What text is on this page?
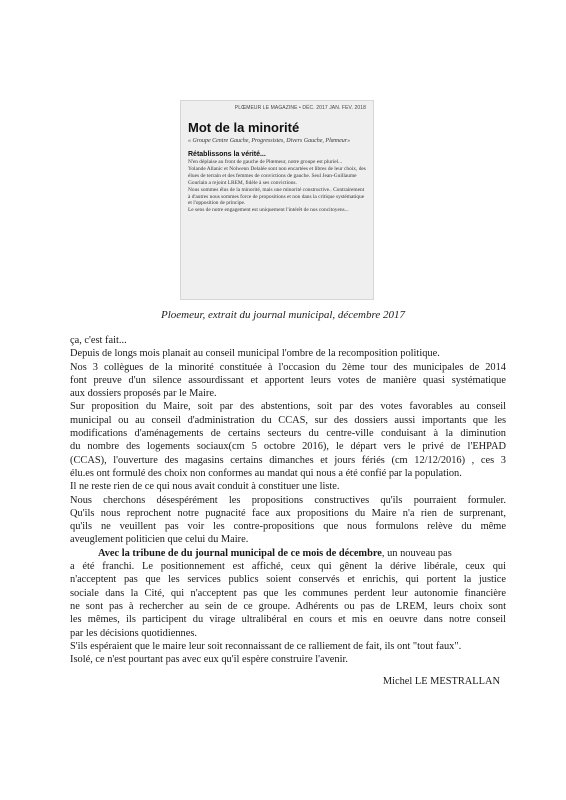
PLŒMEUR LE MAGAZINE • DÉC. 2017 JAN. FEV. 2018
Mot de la minorité
« Groupe Centre Gauche, Progressistes, Divers Gauche, Plœmeur»
Rétablissons la vérité...

N'en déplaise au front de gauche de Plœmeur, notre groupe est pluriel...

Yolande Allanic et Nolwenn Delalée sont non encartées et libres de leur choix, des élues de terrain et des femmes de convictions de gauche. Seul Jean-Guillaume Gourlain a rejoint LREM, fidèle à ses convictions.

Nous sommes élus de la minorité, mais une minorité constructive.. Contrairement à d'autres nous sommes force de propositions et non dans la critique systématique et l'opposition de principe.

Le sens de notre engagement est uniquement l'intérêt de nos concitoyens...

Ploemeur, extrait du journal municipal, décembre 2017
ça, c'est fait...
Depuis de longs mois planait au conseil municipal l'ombre de la recomposition politique.
Nos 3 collègues de la minorité constituée à l'occasion du 2ème tour des municipales de 2014
font preuve d'un silence assourdissant et apportent leurs votes de manière quasi systématique
aux dossiers proposés par le Maire.
Sur proposition du Maire, soit par des abstentions, soit par des votes favorables au conseil
municipal ou au conseil d'administration du CCAS, sur des dossiers aussi importants que les
modifications d'aménagements de certains secteurs du centre-ville conduisant à la diminution
du nombre des logements sociaux(cm 5 octobre 2016), le départ vers le privé de l'EHPAD
(CCAS), l'ouverture des magasins certains dimanches et jours fériés (cm 12/12/2016) , ces 3
élu.es ont formulé des choix non conformes au mandat qui nous a été confié par la population.
Il ne reste rien de ce qui nous avait conduit à constituer une liste.
Nous cherchons désespérément les propositions constructives qu'ils pourraient formuler.
Qu'ils nous reprochent notre pugnacité face aux propositions du Maire n'a rien de surprenant,
qu'ils ne veuillent pas voir les contre-propositions que nous formulons relève du même
aveuglement politicien que celui du Maire.
Avec la tribune de du journal municipal de ce mois de décembre, un nouveau pas
a été franchi. Le positionnement est affiché, ceux qui gênent la dérive libérale, ceux qui
n'acceptent pas que les services publics soient conservés et enrichis, qui portent la justice
sociale dans la Cité, qui n'acceptent pas que les communes perdent leur autonomie financière
ne sont pas à rechercher au sein de ce groupe. Adhérents ou pas de LREM, leurs choix sont
les mêmes, ils participent du virage ultralibéral en cours et mis en oeuvre dans notre conseil
par les décisions quotidiennes.
S'ils espéraient que le maire leur soit reconnaissant de ce ralliement de fait, ils ont "tout faux".
Isolé, ce n'est pourtant pas avec eux qu'il espère construire l'avenir.
Michel LE MESTRALLAN
